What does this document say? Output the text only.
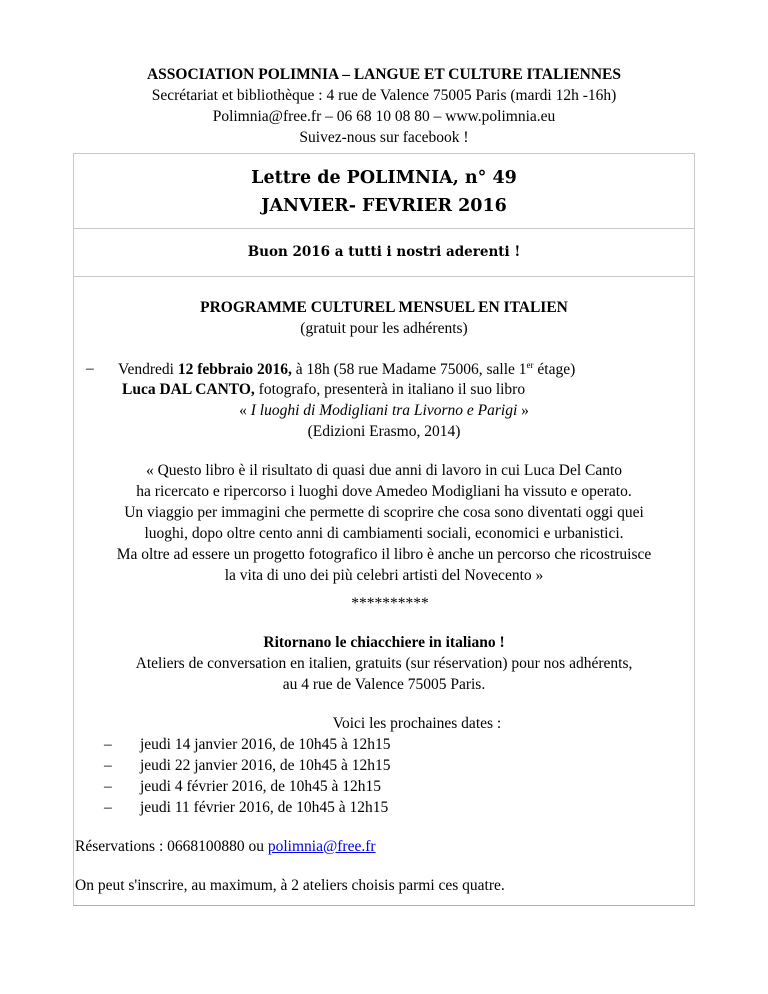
ASSOCIATION POLIMNIA – LANGUE ET CULTURE ITALIENNES
Secrétariat et bibliothèque : 4 rue de Valence 75005 Paris (mardi 12h -16h)
Polimnia@free.fr – 06 68 10 08 80 – www.polimnia.eu
Suivez-nous sur facebook !
Lettre de POLIMNIA, n° 49
JANVIER- FEVRIER 2016
Buon 2016 a tutti i nostri aderenti !
PROGRAMME CULTUREL MENSUEL EN ITALIEN
(gratuit pour les adhérents)
– Vendredi 12 febbraio 2016, à 18h (58 rue Madame 75006, salle 1er étage)
Luca DAL CANTO, fotografo, presenterà in italiano il suo libro
« I luoghi di Modigliani tra Livorno e Parigi »
(Edizioni Erasmo, 2014)
« Questo libro è il risultato di quasi due anni di lavoro in cui Luca Del Canto
ha ricercato e ripercorso i luoghi dove Amedeo Modigliani ha vissuto e operato.
Un viaggio per immagini che permette di scoprire che cosa sono diventati oggi quei
luoghi, dopo oltre cento anni di cambiamenti sociali, economici e urbanistici.
Ma oltre ad essere un progetto fotografico il libro è anche un percorso che ricostruisce
la vita di uno dei più celebri artisti del Novecento »
**********
Ritornano le chiacchiere in italiano !
Ateliers de conversation en italien, gratuits (sur réservation) pour nos adhérents,
au 4 rue de Valence 75005 Paris.
Voici les prochaines dates :
– jeudi 14 janvier 2016, de 10h45 à 12h15
– jeudi 22 janvier 2016, de 10h45 à 12h15
– jeudi 4 février 2016, de 10h45 à 12h15
– jeudi 11 février 2016, de 10h45 à 12h15
Réservations : 0668100880 ou polimnia@free.fr
On peut s'inscrire, au maximum, à 2 ateliers choisis parmi ces quatre.
